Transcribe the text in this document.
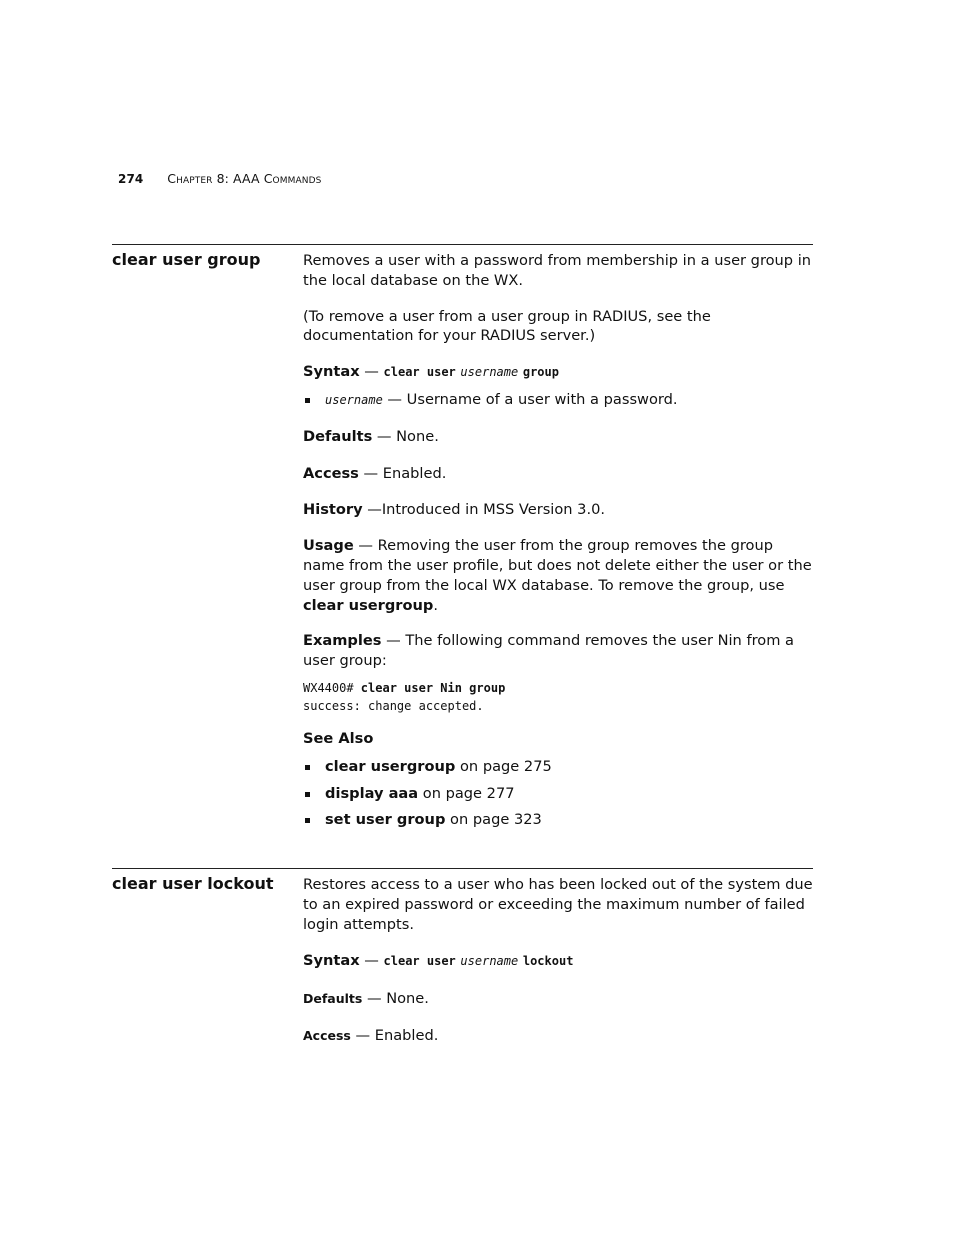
274 Chapter 8: AAA Commands
clear user group	Removes a user with a password from membership in a user group in the local database on the WX.

(To remove a user from a user group in RADIUS, see the documentation for your RADIUS server.)

Syntax — clear user username group

username — Username of a user with a password.

Defaults — None.

Access — Enabled.

History —Introduced in MSS Version 3.0.

Usage — Removing the user from the group removes the group name from the user profile, but does not delete either the user or the user group from the local WX database. To remove the group, use clear usergroup.

Examples — The following command removes the user Nin from a user group:

WX4400# clear user Nin group
success: change accepted.

See Also

clear usergroup on page 275

display aaa on page 277

set user group on page 323

clear user lockout Restores access to a user who has been locked out of the system due to an expired password or exceeding the maximum number of failed login attempts.

Syntax — clear user username lockout

Defaults — None.

Access — Enabled.
